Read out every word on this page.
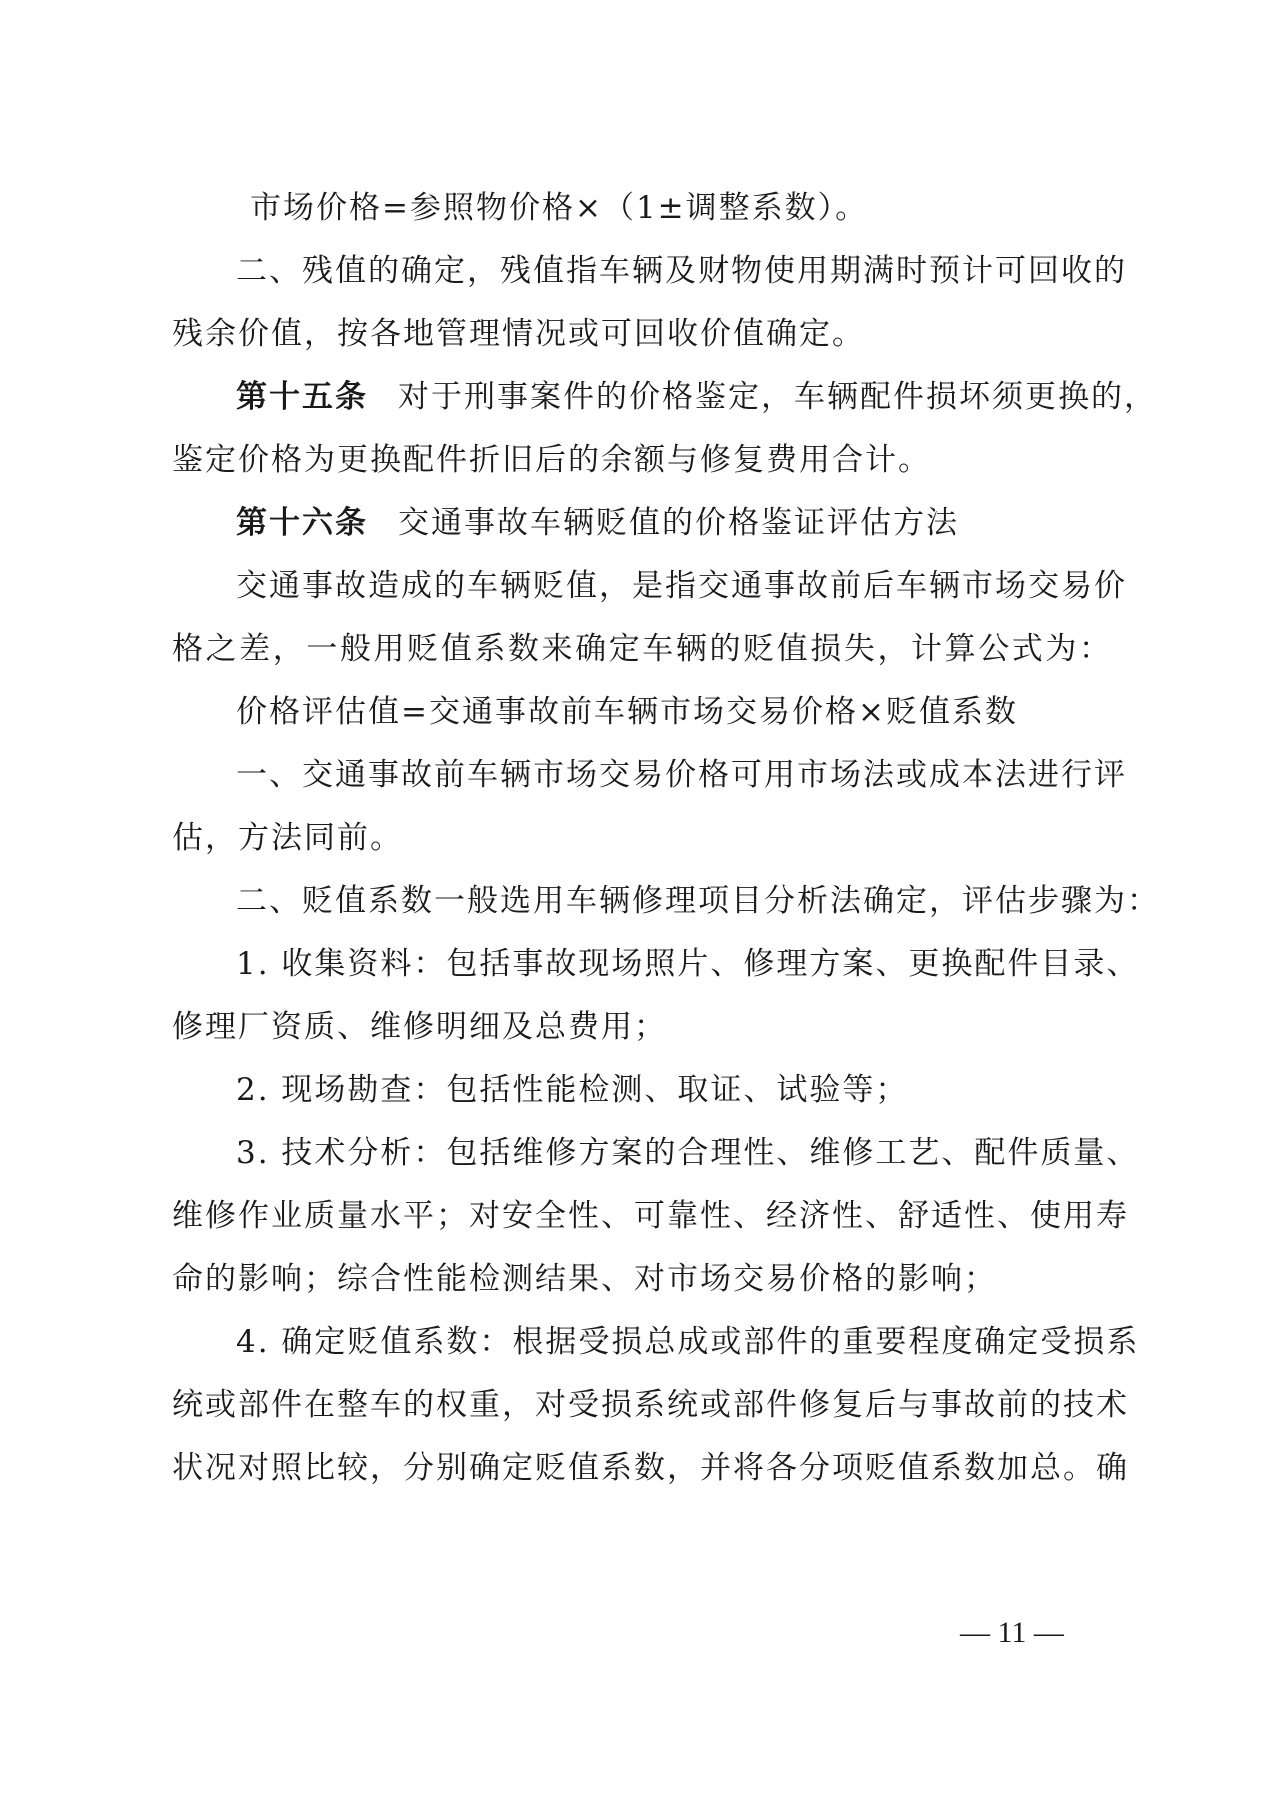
市场价格=参照物价格×（1±调整系数）。
二、残值的确定，残值指车辆及财物使用期满时预计可回收的
残余价值，按各地管理情况或可回收价值确定。
第十五条 对于刑事案件的价格鉴定，车辆配件损坏须更换的，
鉴定价格为更换配件折旧后的余额与修复费用合计。
第十六条 交通事故车辆贬值的价格鉴证评估方法
交通事故造成的车辆贬值，是指交通事故前后车辆市场交易价
格之差，一般用贬值系数来确定车辆的贬值损失，计算公式为：
价格评估值=交通事故前车辆市场交易价格×贬值系数
一、交通事故前车辆市场交易价格可用市场法或成本法进行评
估，方法同前。
二、贬值系数一般选用车辆修理项目分析法确定，评估步骤为：
1. 收集资料：包括事故现场照片、修理方案、更换配件目录、
修理厂资质、维修明细及总费用；
2. 现场勘查：包括性能检测、取证、试验等；
3. 技术分析：包括维修方案的合理性、维修工艺、配件质量、
维修作业质量水平；对安全性、可靠性、经济性、舒适性、使用寿
命的影响；综合性能检测结果、对市场交易价格的影响；
4. 确定贬值系数：根据受损总成或部件的重要程度确定受损系
统或部件在整车的权重，对受损系统或部件修复后与事故前的技术
状况对照比较，分别确定贬值系数，并将各分项贬值系数加总。确
— 11 —
